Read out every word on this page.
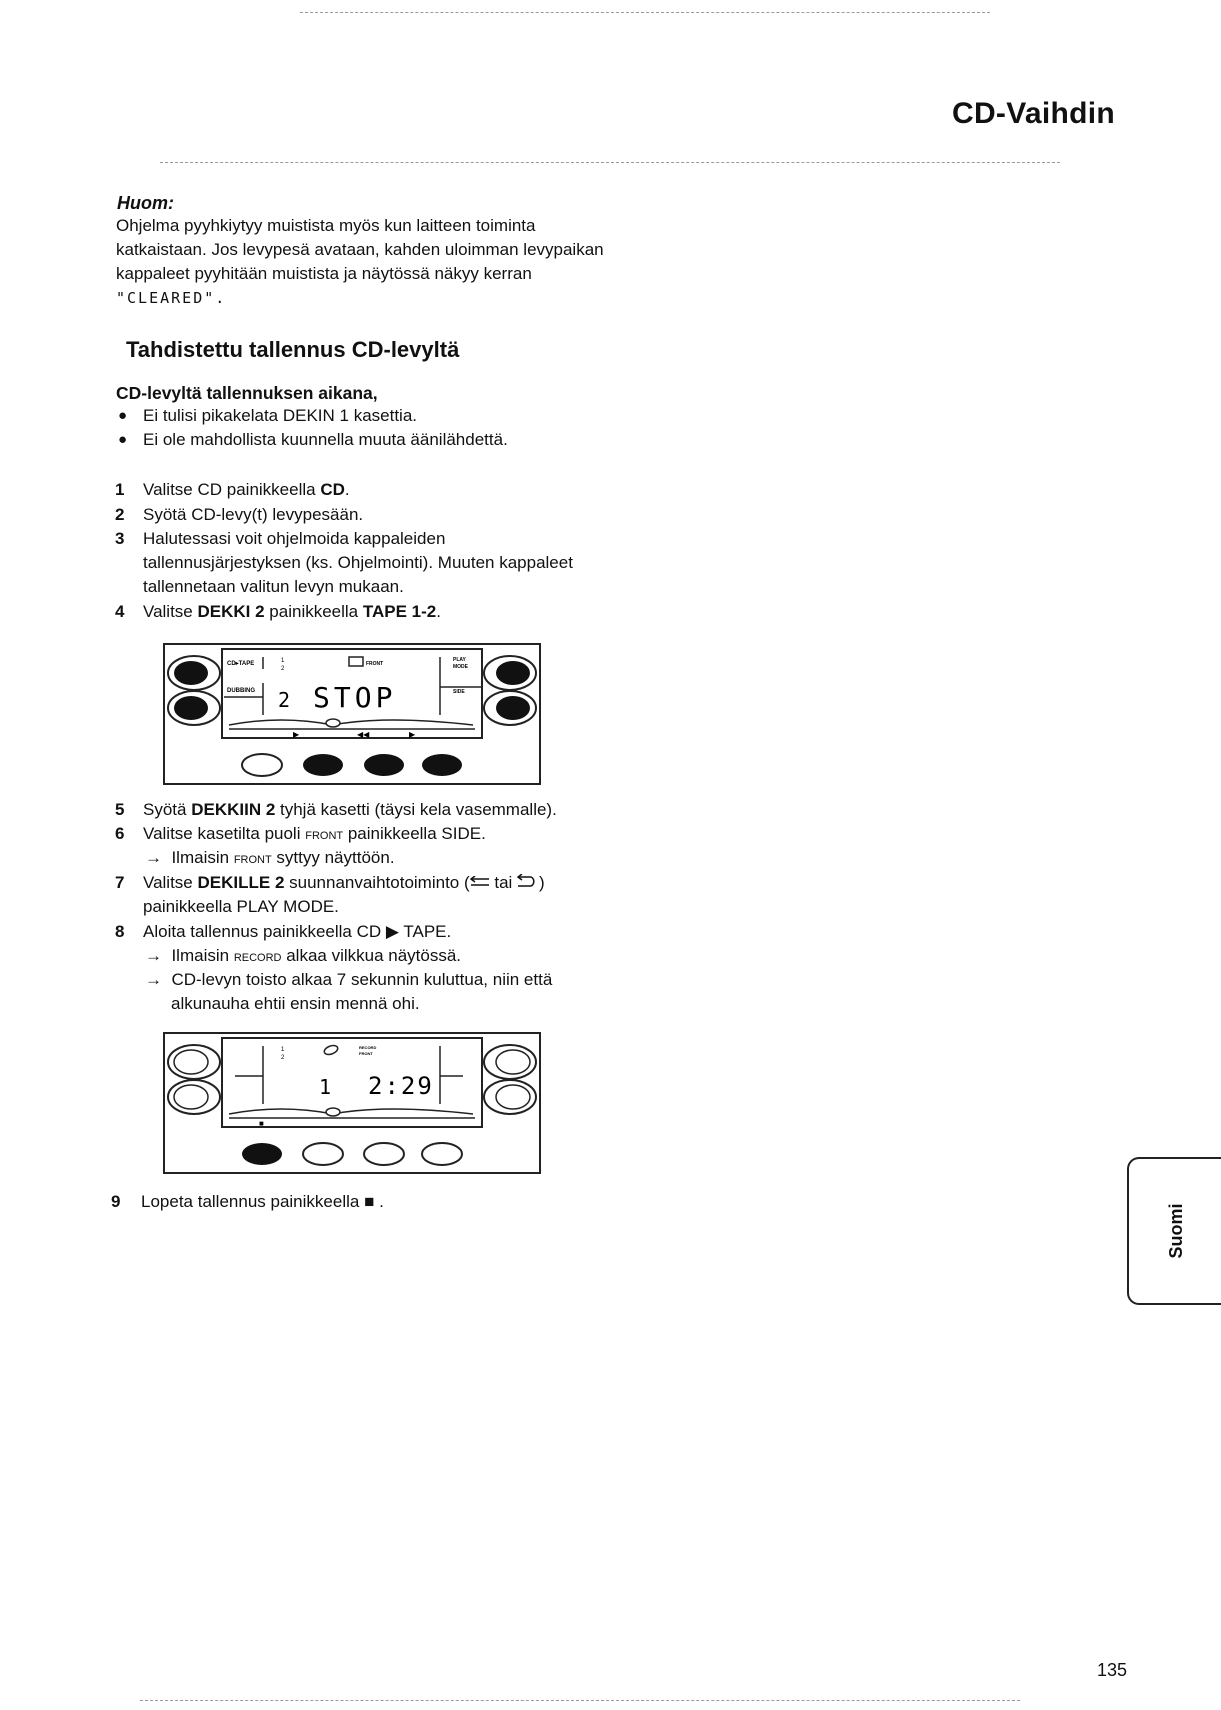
CD-Vaihdin
Huom:
Ohjelma pyyhkiytyy muistista myös kun laitteen toiminta
katkaistaan. Jos levypesä avataan, kahden uloimman levypaikan
kappaleet pyyhitään muistista ja näytössä näkyy kerran
"CLEARED".
Tahdistettu tallennus CD-levyltä
CD-levyltä tallennuksen aikana,
● Ei tulisi pikakelata DEKIN 1 kasettia.
● Ei ole mahdollista kuunnella muuta äänilähdettä.
1 Valitse CD painikkeella CD.
2 Syötä CD-levy(t) levypesään.
3 Halutessasi voit ohjelmoida kappaleiden
tallennusjärjestyksen (ks. Ohjelmointi). Muuten kappaleet
tallennetaan valitun levyn mukaan.
4 Valitse DEKKI 2 painikkeella TAPE 1-2.
CD▸TAPE
DUBBING
1
2
FRONT
PLAY
MODE
SIDE
2 STOP
▶	◀◀	▶
5 Syötä DEKKIIN 2 tyhjä kasetti (täysi kela vasemmalle).
6 Valitse kasetilta puoli FRONT painikkeella SIDE.
→ Ilmaisin FRONT syttyy näyttöön.
7 Valitse DEKILLE 2 suunnanvaihtotoiminto ( tai )
painikkeella PLAY MODE.
8 Aloita tallennus painikkeella CD ▶ TAPE.
→ Ilmaisin RECORD alkaa vilkkua näytössä.
→ CD-levyn toisto alkaa 7 sekunnin kuluttua, niin että
alkunauha ehtii ensin mennä ohi.
1
2
RECORD
FRONT
1 2:29
■
9 Lopeta tallennus painikkeella ■ .
Suomi
135
